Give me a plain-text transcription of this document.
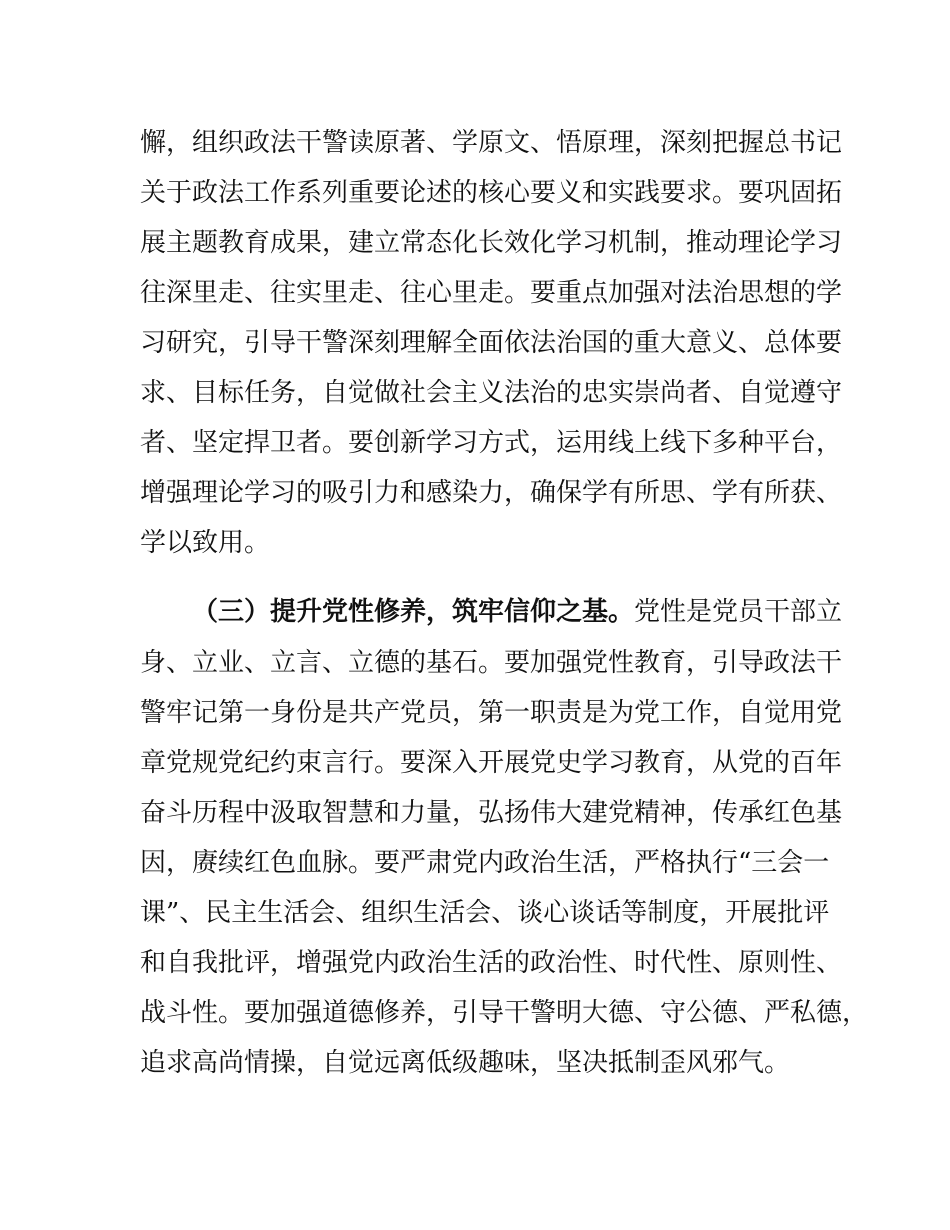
懈，组织政法干警读原著、学原文、悟原理，深刻把握总书记
关于政法工作系列重要论述的核心要义和实践要求。要巩固拓
展主题教育成果，建立常态化长效化学习机制，推动理论学习
往深里走、往实里走、往心里走。要重点加强对法治思想的学
习研究，引导干警深刻理解全面依法治国的重大意义、总体要
求、目标任务，自觉做社会主义法治的忠实崇尚者、自觉遵守
者、坚定捍卫者。要创新学习方式，运用线上线下多种平台，
增强理论学习的吸引力和感染力，确保学有所思、学有所获、
学以致用。
（三）提升党性修养，筑牢信仰之基。党性是党员干部立
身、立业、立言、立德的基石。要加强党性教育，引导政法干
警牢记第一身份是共产党员，第一职责是为党工作，自觉用党
章党规党纪约束言行。要深入开展党史学习教育，从党的百年
奋斗历程中汲取智慧和力量，弘扬伟大建党精神，传承红色基
因，赓续红色血脉。要严肃党内政治生活，严格执行“三会一
课”、民主生活会、组织生活会、谈心谈话等制度，开展批评
和自我批评，增强党内政治生活的政治性、时代性、原则性、
战斗性。要加强道德修养，引导干警明大德、守公德、严私德，
追求高尚情操，自觉远离低级趣味，坚决抵制歪风邪气。
